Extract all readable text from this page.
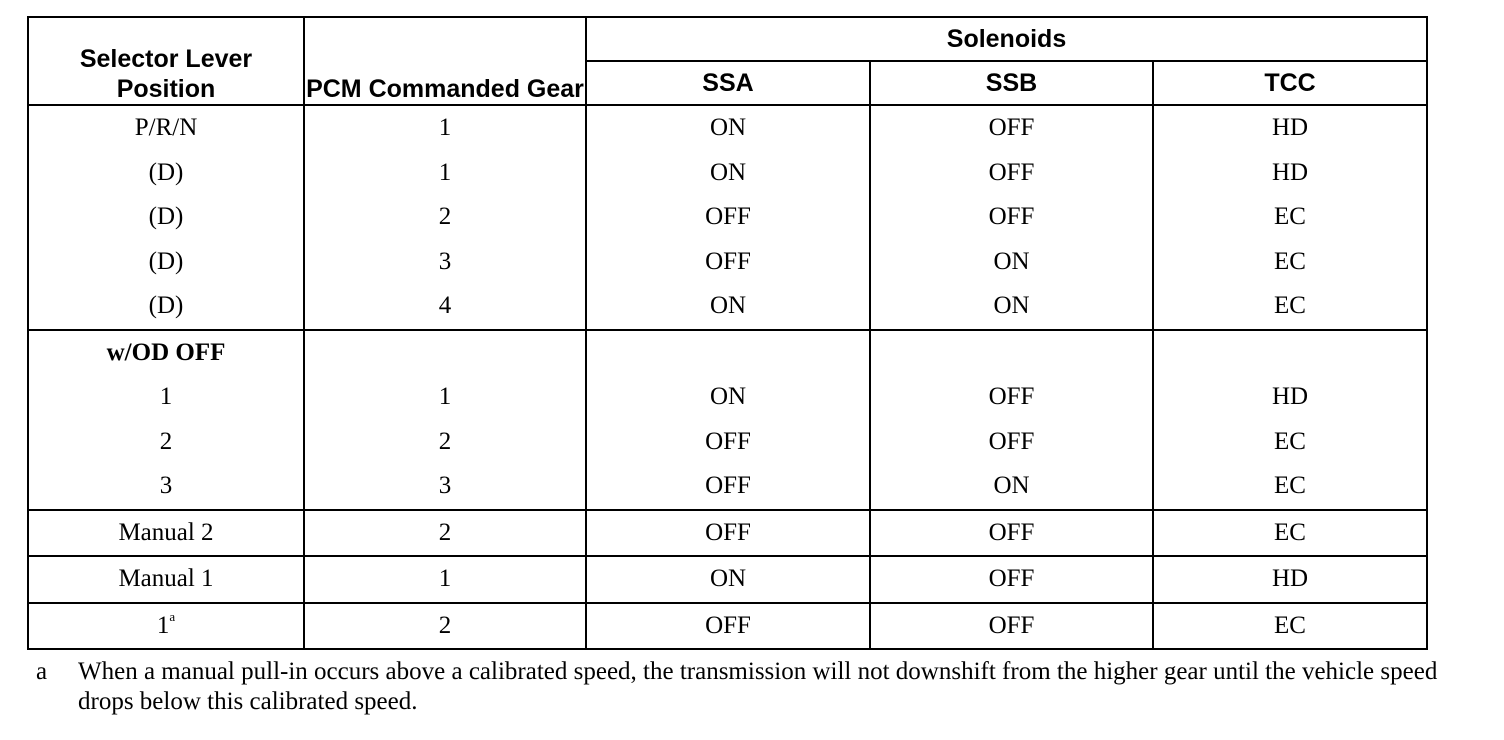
Selector Lever Position	PCM Commanded Gear	Solenoids		
		SSA	SSB	TCC
P/R/N	1	ON	OFF	HD
(D)	1	ON	OFF	HD
(D)	2	OFF	OFF	EC
(D)	3	OFF	ON	EC
(D)	4	ON	ON	EC
w/OD OFF				
1	1	ON	OFF	HD
2	2	OFF	OFF	EC
3	3	OFF	ON	EC
Manual 2	2	OFF	OFF	EC
Manual 1	1	ON	OFF	HD
1$^a$	2	OFF	OFF	EC
a	When a manual pull-in occurs above a calibrated speed, the transmission will not downshift from the higher gear until the vehicle speed drops below this calibrated speed.
